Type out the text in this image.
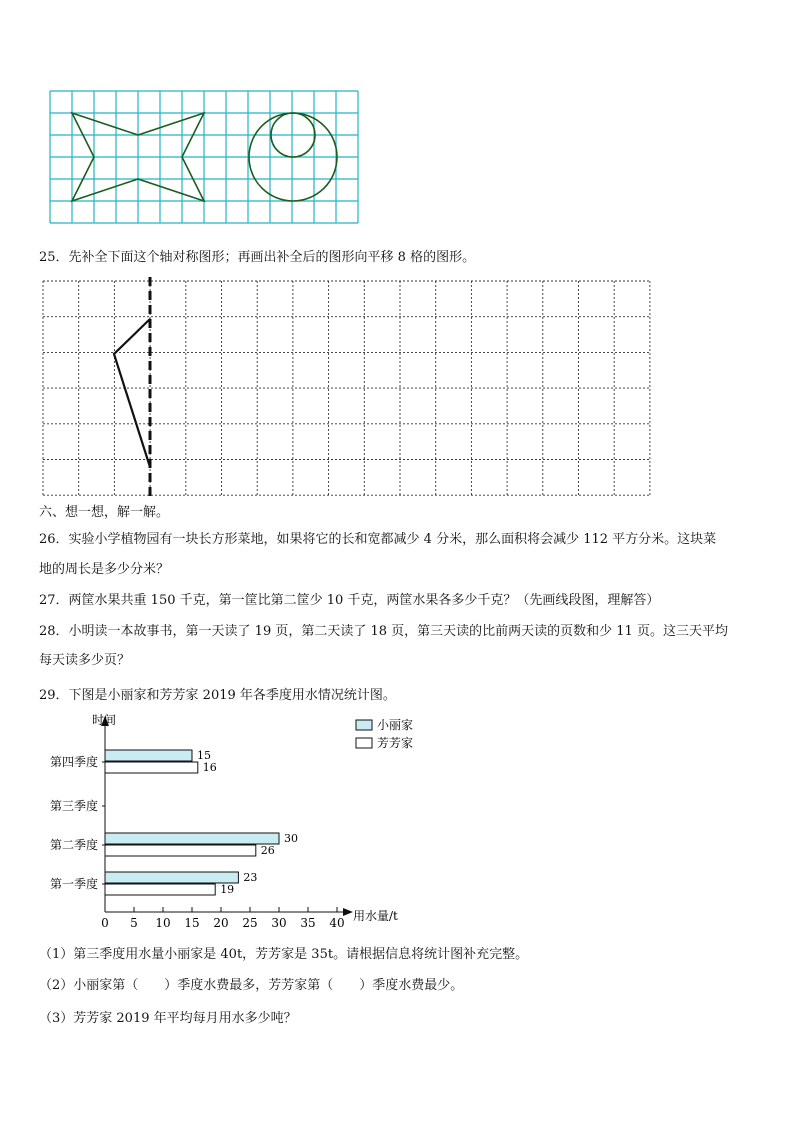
25．先补全下面这个轴对称图形；再画出补全后的图形向平移 8 格的图形。
六、想一想，解一解。
26．实验小学植物园有一块长方形菜地，如果将它的长和宽都减少 4 分米，那么面积将会减少 112 平方分米。这块菜
地的周长是多少分米？
27．两筐水果共重 150 千克，第一筐比第二筐少 10 千克，两筐水果各多少千克？（先画线段图，理解答）
28．小明读一本故事书，第一天读了 19 页，第二天读了 18 页，第三天读的比前两天读的页数和少 11 页。这三天平均
每天读多少页？
29．下图是小丽家和芳芳家 2019 年各季度用水情况统计图。
时间
用水量/t
0 5 10 15 20 25 30 35 40
第四季度	15
16
第三季度
第二季度	30
26
第一季度	23
19
小丽家
芳芳家
（1）第三季度用水量小丽家是 40t，芳芳家是 35t。请根据信息将统计图补充完整。
（2）小丽家第（　　）季度水费最多，芳芳家第（　　）季度水费最少。
（3）芳芳家 2019 年平均每月用水多少吨？
